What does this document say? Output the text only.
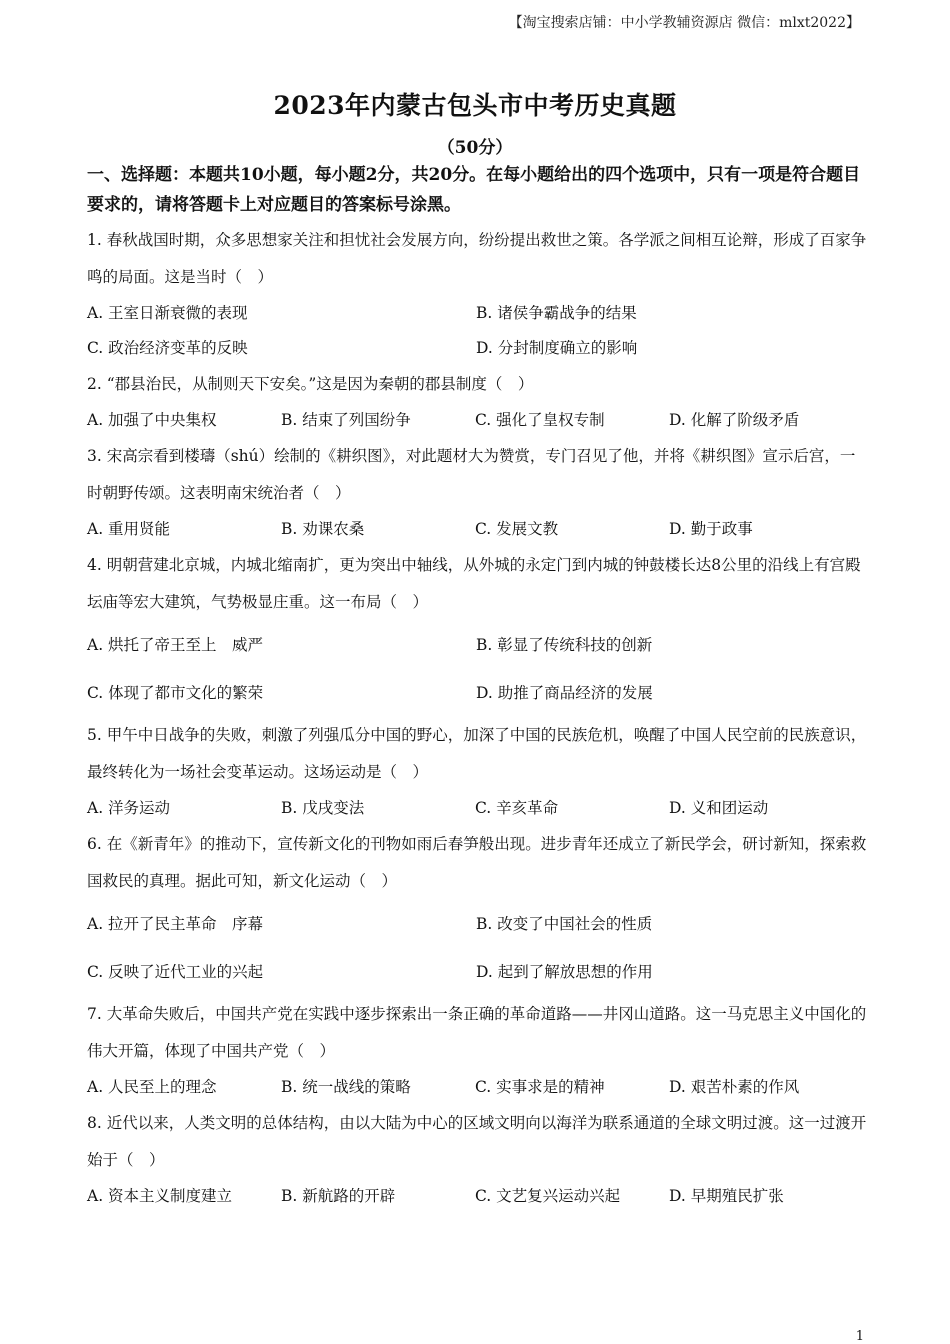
【淘宝搜索店铺：中小学教辅资源店 微信：mlxt2022】
2023年内蒙古包头市中考历史真题
（50分）
一、选择题：本题共10小题，每小题2分，共20分。在每小题给出的四个选项中，只有一项是符合题目要求的，请将答题卡上对应题目的答案标号涂黑。
1. 春秋战国时期，众多思想家关注和担忧社会发展方向，纷纷提出救世之策。各学派之间相互论辩，形成了百家争鸣的局面。这是当时（　）
A. 王室日渐衰微的表现	B. 诸侯争霸战争的结果
C. 政治经济变革的反映	D. 分封制度确立的影响
2. “郡县治民，从制则天下安矣。”这是因为秦朝的郡县制度（　）
A. 加强了中央集权	B. 结束了列国纷争	C. 强化了皇权专制	D. 化解了阶级矛盾
3. 宋高宗看到楼璹（shú）绘制的《耕织图》，对此题材大为赞赏，专门召见了他，并将《耕织图》宣示后宫，一时朝野传颂。这表明南宋统治者（　）
A. 重用贤能	B. 劝课农桑	C. 发展文教	D. 勤于政事
4. 明朝营建北京城，内城北缩南扩，更为突出中轴线，从外城的永定门到内城的钟鼓楼长达8公里的沿线上有宫殿坛庙等宏大建筑，气势极显庄重。这一布局（　）
A. 烘托了帝王至上　威严	B. 彰显了传统科技的创新
C. 体现了都市文化的繁荣	D. 助推了商品经济的发展
5. 甲午中日战争的失败，刺激了列强瓜分中国的野心，加深了中国的民族危机，唤醒了中国人民空前的民族意识，最终转化为一场社会变革运动。这场运动是（　）
A. 洋务运动	B. 戊戌变法	C. 辛亥革命	D. 义和团运动
6. 在《新青年》的推动下，宣传新文化的刊物如雨后春笋般出现。进步青年还成立了新民学会，研讨新知，探索救国救民的真理。据此可知，新文化运动（　）
A. 拉开了民主革命　序幕	B. 改变了中国社会的性质
C. 反映了近代工业的兴起	D. 起到了解放思想的作用
7. 大革命失败后，中国共产党在实践中逐步探索出一条正确的革命道路——井冈山道路。这一马克思主义中国化的伟大开篇，体现了中国共产党（　）
A. 人民至上的理念	B. 统一战线的策略	C. 实事求是的精神	D. 艰苦朴素的作风
8. 近代以来，人类文明的总体结构，由以大陆为中心的区域文明向以海洋为联系通道的全球文明过渡。这一过渡开始于（　）
A. 资本主义制度建立	B. 新航路的开辟	C. 文艺复兴运动兴起	D. 早期殖民扩张
1
